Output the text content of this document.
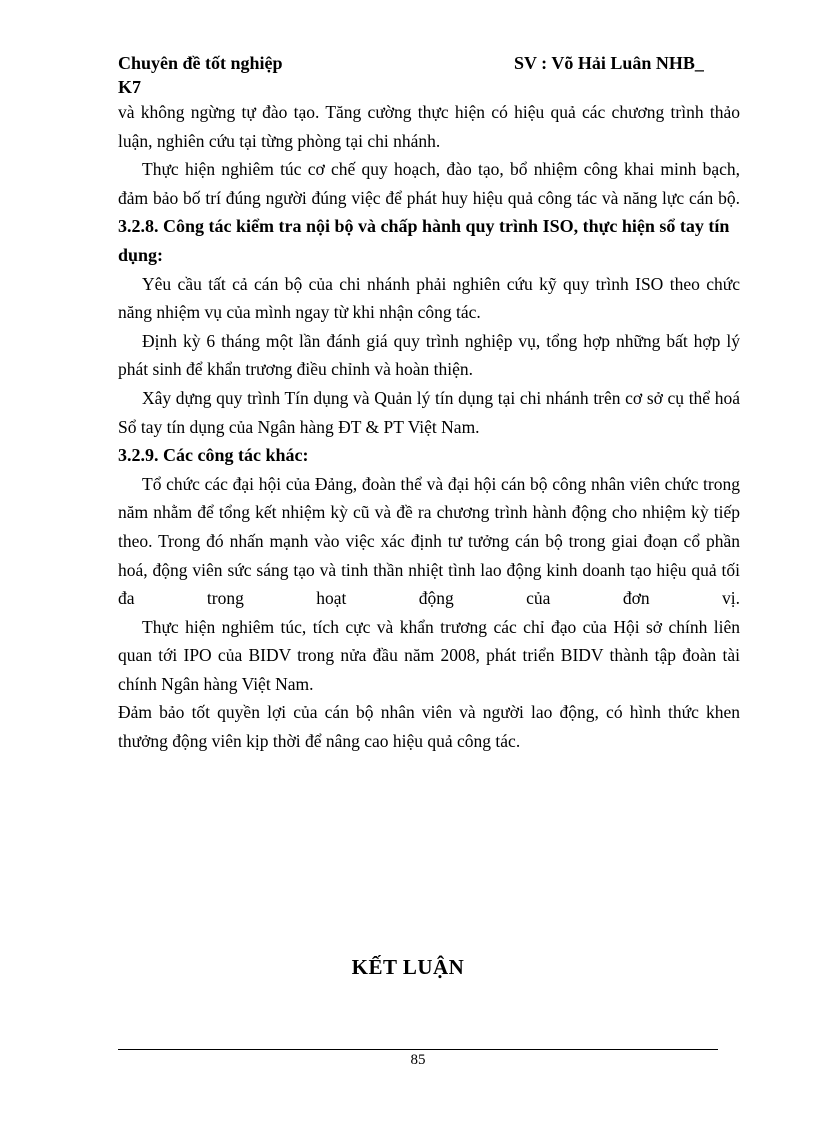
Chuyên đề tốt nghiệp	SV : Võ Hải Luân NHB_
K7

và không ngừng tự đào tạo. Tăng cường thực hiện có hiệu quả các chương trình thảo luận, nghiên cứu tại từng phòng tại chi nhánh.

Thực hiện nghiêm túc cơ chế quy hoạch, đào tạo, bổ nhiệm công khai minh bạch, đảm bảo bố trí đúng người đúng việc để phát huy hiệu quả công tác và năng lực cán bộ.

3.2.8. Công tác kiểm tra nội bộ và chấp hành quy trình ISO, thực hiện sổ tay tín dụng:

Yêu cầu tất cả cán bộ của chi nhánh phải nghiên cứu kỹ quy trình ISO theo chức năng nhiệm vụ của mình ngay từ khi nhận công tác.

Định kỳ 6 tháng một lần đánh giá quy trình nghiệp vụ, tổng hợp những bất hợp lý phát sinh để khẩn trương điều chỉnh và hoàn thiện.

Xây dựng quy trình Tín dụng và Quản lý tín dụng tại chi nhánh trên cơ sở cụ thể hoá Sổ tay tín dụng của Ngân hàng ĐT & PT Việt Nam.

3.2.9. Các công tác khác:

Tổ chức các đại hội của Đảng, đoàn thể và đại hội cán bộ công nhân viên chức trong năm nhằm để tổng kết nhiệm kỳ cũ và đề ra chương trình hành động cho nhiệm kỳ tiếp theo. Trong đó nhấn mạnh vào việc xác định tư tưởng cán bộ trong giai đoạn cổ phần hoá, động viên sức sáng tạo và tinh thần nhiệt tình lao động kinh doanh tạo hiệu quả tối đa trong hoạt động của đơn vị.

Thực hiện nghiêm túc, tích cực và khẩn trương các chỉ đạo của Hội sở chính liên quan tới IPO của BIDV trong nửa đầu năm 2008, phát triển BIDV thành tập đoàn tài chính Ngân hàng Việt Nam.

Đảm bảo tốt quyền lợi của cán bộ nhân viên và người lao động, có hình thức khen thưởng động viên kịp thời để nâng cao hiệu quả công tác.

KẾT LUẬN
85
